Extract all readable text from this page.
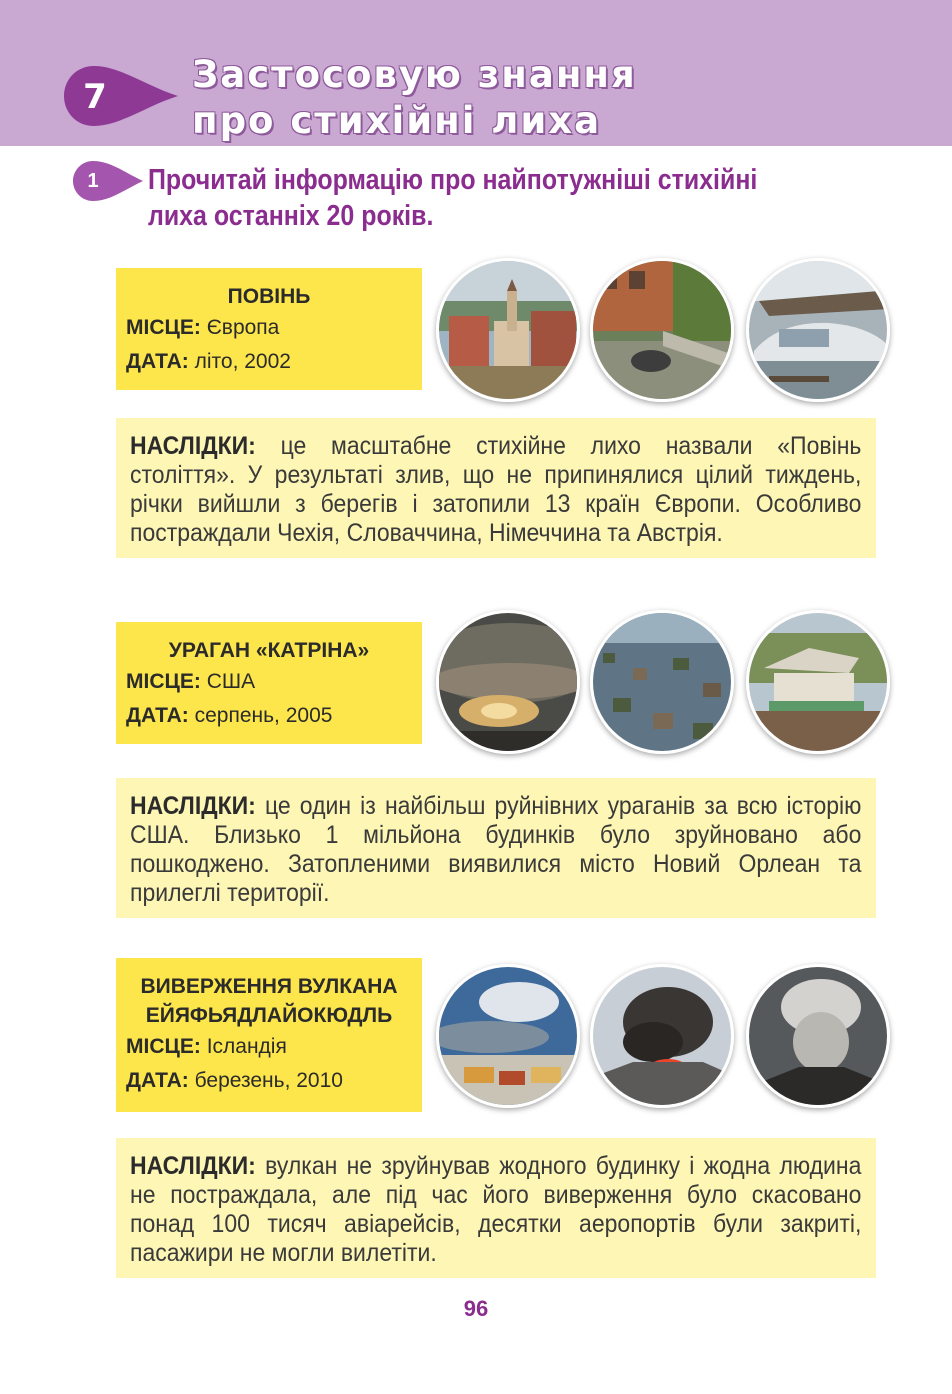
7
Застосовую знання
про стихійні лиха
1	Прочитай інформацію про найпотужніші стихійні
лиха останніх 20 років.
ПОВІНЬ
МІСЦЕ: Європа
ДАТА: літо, 2002
НАСЛІДКИ: це масштабне стихійне лихо назвали «Повінь століття». У результаті злив, що не припинялися цілий тиждень, річки вийшли з берегів і затопили 13 країн Європи. Особливо постраждали Чехія, Словаччина, Німеччина та Австрія.
УРАГАН «КАТРІНА»
МІСЦЕ: США
ДАТА: серпень, 2005
НАСЛІДКИ: це один із найбільш руйнівних ураганів за всю історію США. Близько 1 мільйона будинків було зруйновано або пошкоджено. Затопленими виявилися місто Новий Орлеан та прилеглі території.
ВИВЕРЖЕННЯ ВУЛКАНА
ЕЙЯФЬЯДЛАЙОКЮДЛЬ
МІСЦЕ: Ісландія
ДАТА: березень, 2010
НАСЛІДКИ: вулкан не зруйнував жодного будинку і жодна людина не постраждала, але під час його виверження було скасовано понад 100 тисяч авіарейсів, десятки аеропортів були закриті, пасажири не могли вилетіти.
96
